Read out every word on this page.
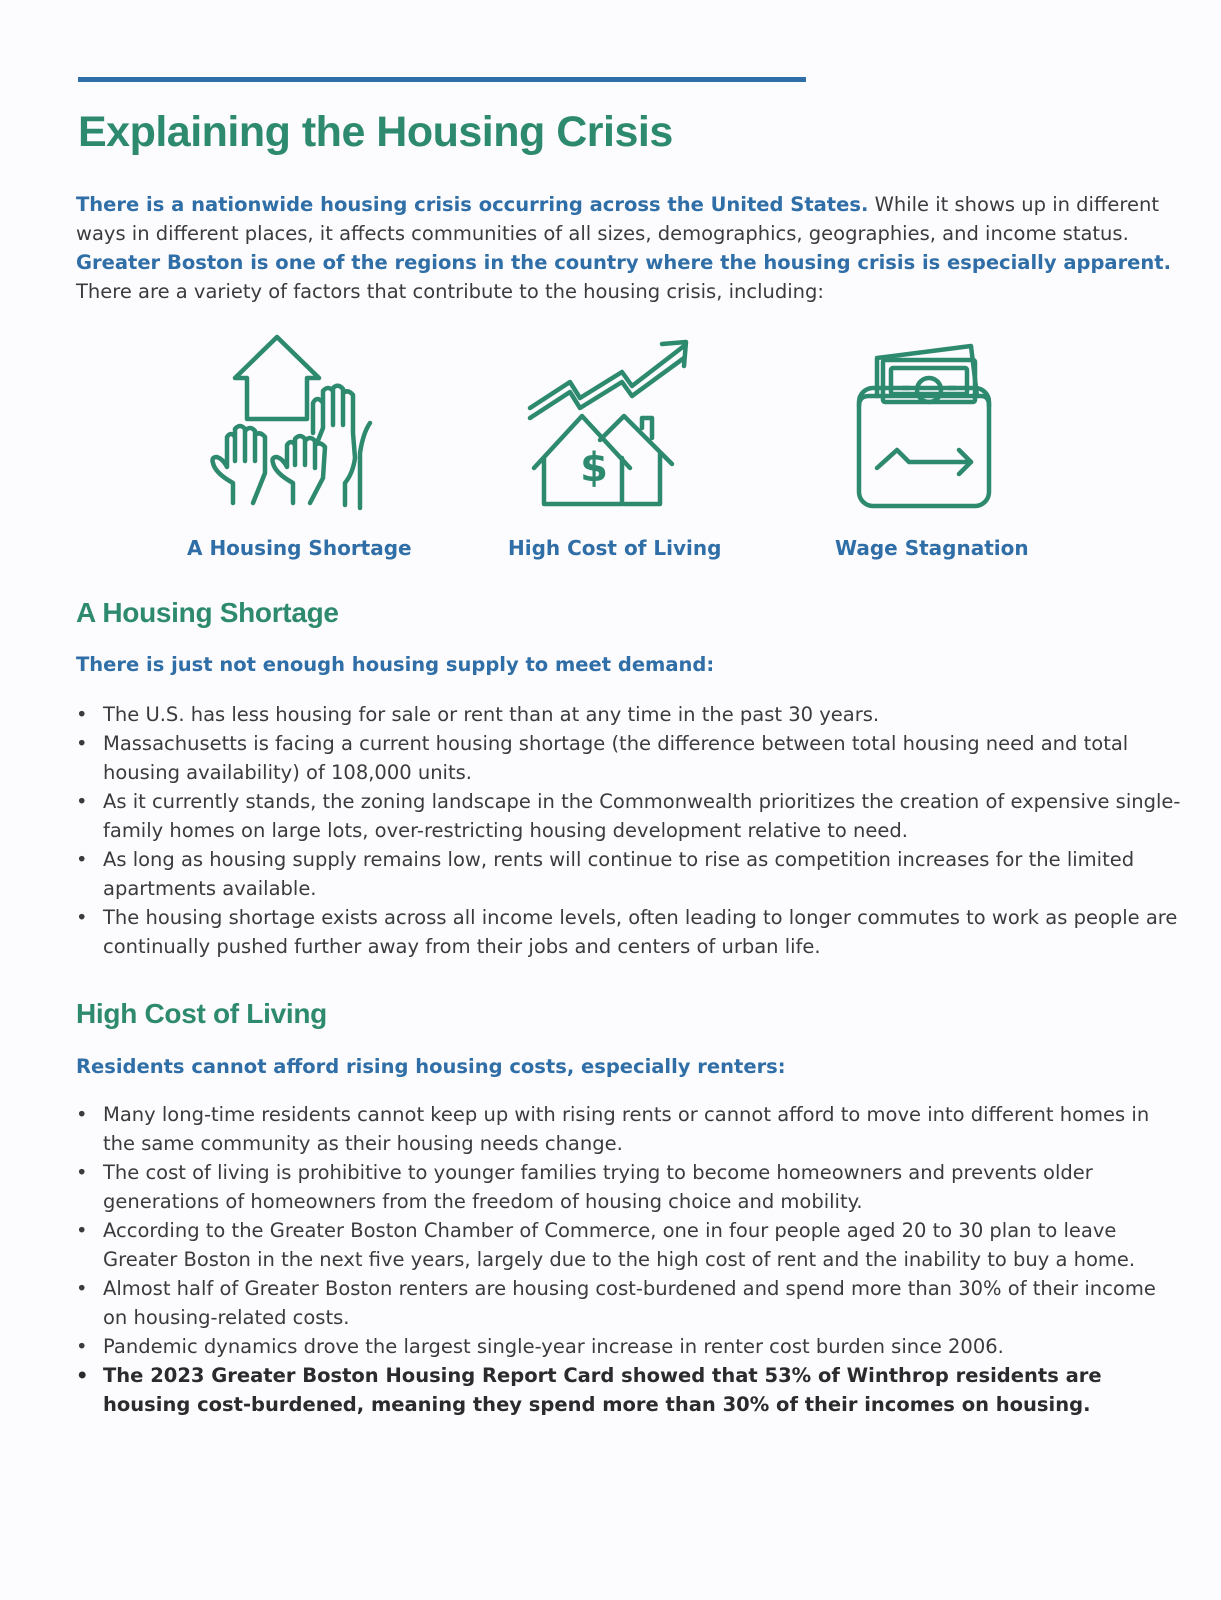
Explaining the Housing Crisis

There is a nationwide housing crisis occurring across the United States. While it shows up in different ways in different places, it affects communities of all sizes, demographics, geographies, and income status. Greater Boston is one of the regions in the country where the housing crisis is especially apparent. There are a variety of factors that contribute to the housing crisis, including:

$

A Housing Shortage	High Cost of Living	Wage Stagnation

A Housing Shortage

There is just not enough housing supply to meet demand:

• The U.S. has less housing for sale or rent than at any time in the past 30 years.
• Massachusetts is facing a current housing shortage (the difference between total housing need and total housing availability) of 108,000 units.
• As it currently stands, the zoning landscape in the Commonwealth prioritizes the creation of expensive single-family homes on large lots, over-restricting housing development relative to need.
• As long as housing supply remains low, rents will continue to rise as competition increases for the limited apartments available.
• The housing shortage exists across all income levels, often leading to longer commutes to work as people are continually pushed further away from their jobs and centers of urban life.
High Cost of Living

Residents cannot afford rising housing costs, especially renters:

• Many long-time residents cannot keep up with rising rents or cannot afford to move into different homes in the same community as their housing needs change.
• The cost of living is prohibitive to younger families trying to become homeowners and prevents older generations of homeowners from the freedom of housing choice and mobility.
• According to the Greater Boston Chamber of Commerce, one in four people aged 20 to 30 plan to leave Greater Boston in the next five years, largely due to the high cost of rent and the inability to buy a home.
• Almost half of Greater Boston renters are housing cost-burdened and spend more than 30% of their income on housing-related costs.
• Pandemic dynamics drove the largest single-year increase in renter cost burden since 2006.
• The 2023 Greater Boston Housing Report Card showed that 53% of Winthrop residents are housing cost-burdened, meaning they spend more than 30% of their incomes on housing.
